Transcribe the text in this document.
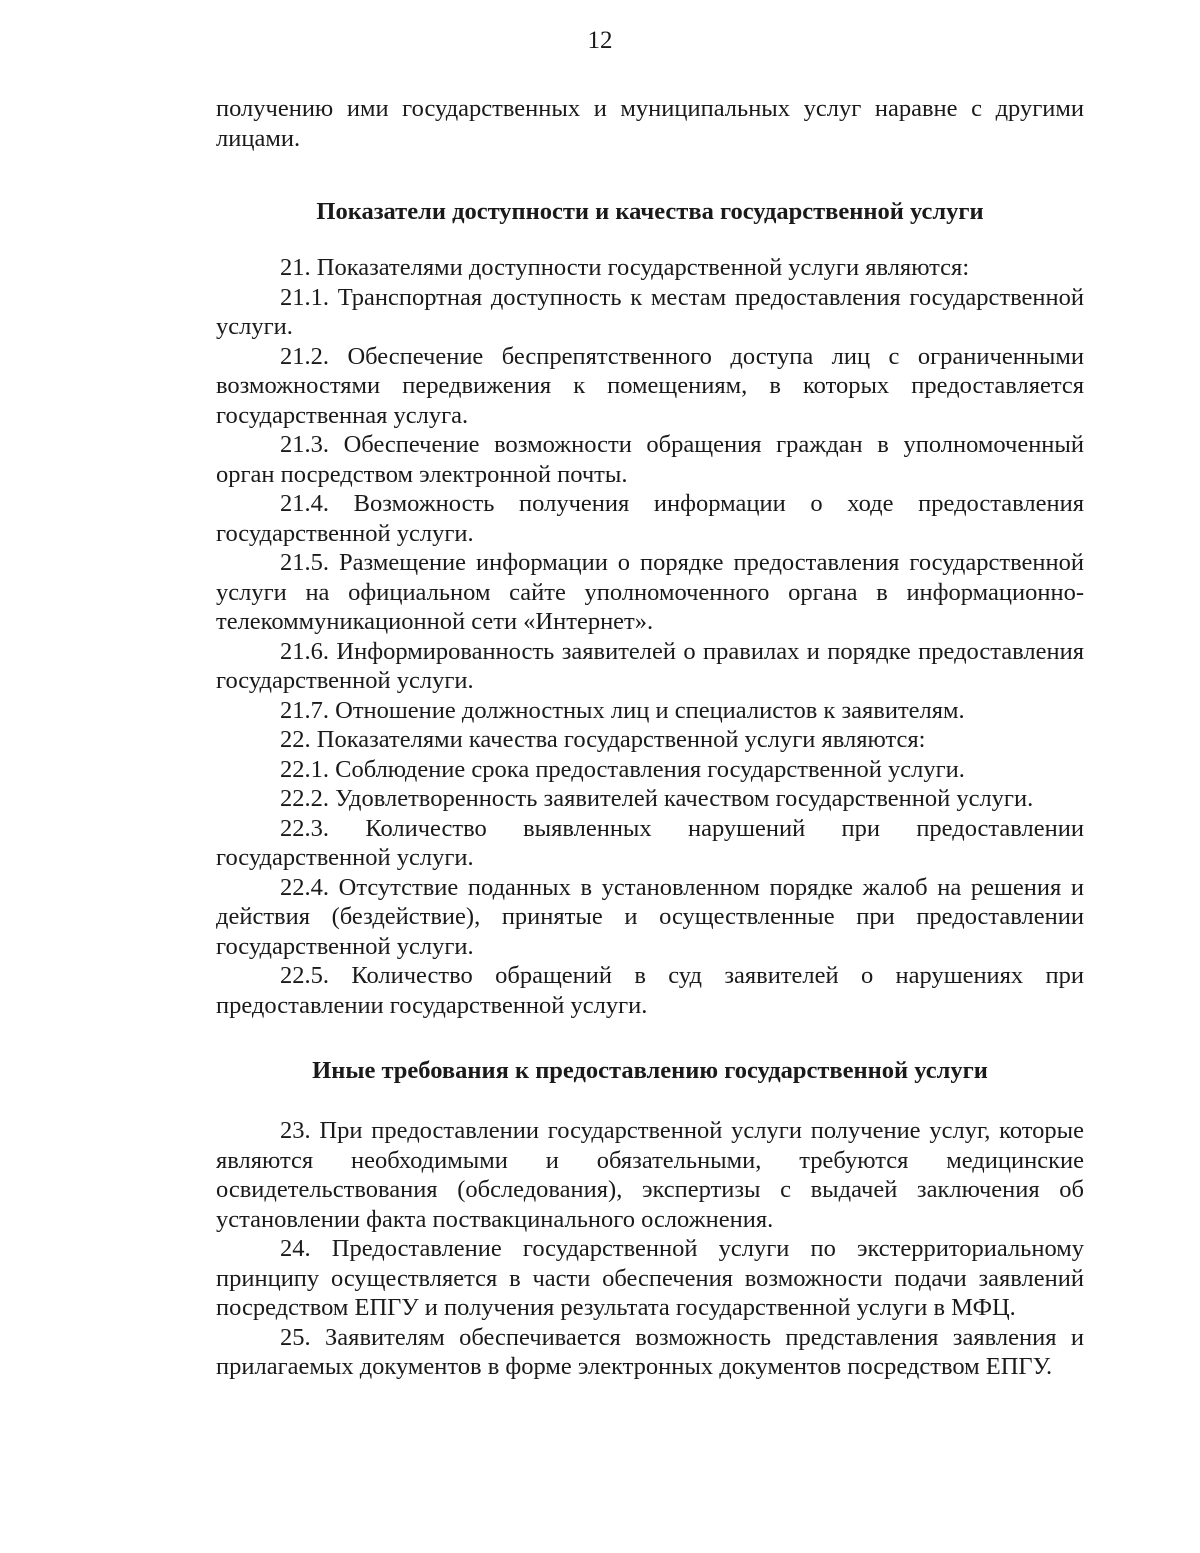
12

получению ими государственных и муниципальных услуг наравне с другими лицами.

Показатели доступности и качества государственной услуги

21. Показателями доступности государственной услуги являются:

21.1. Транспортная доступность к местам предоставления государственной услуги.

21.2. Обеспечение беспрепятственного доступа лиц с ограниченными возможностями передвижения к помещениям, в которых предоставляется государственная услуга.

21.3. Обеспечение возможности обращения граждан в уполномоченный орган посредством электронной почты.

21.4. Возможность получения информации о ходе предоставления государственной услуги.

21.5. Размещение информации о порядке предоставления государственной услуги на официальном сайте уполномоченного органа в информационно-телекоммуникационной сети «Интернет».

21.6. Информированность заявителей о правилах и порядке предоставления государственной услуги.

21.7. Отношение должностных лиц и специалистов к заявителям.

22. Показателями качества государственной услуги являются:

22.1. Соблюдение срока предоставления государственной услуги.

22.2. Удовлетворенность заявителей качеством государственной услуги.

22.3. Количество выявленных нарушений при предоставлении государственной услуги.

22.4. Отсутствие поданных в установленном порядке жалоб на решения и действия (бездействие), принятые и осуществленные при предоставлении государственной услуги.

22.5. Количество обращений в суд заявителей о нарушениях при предоставлении государственной услуги.

Иные требования к предоставлению государственной услуги

23. При предоставлении государственной услуги получение услуг, которые являются необходимыми и обязательными, требуются медицинские освидетельствования (обследования), экспертизы с выдачей заключения об установлении факта поствакцинального осложнения.

24. Предоставление государственной услуги по экстерриториальному принципу осуществляется в части обеспечения возможности подачи заявлений посредством ЕПГУ и получения результата государственной услуги в МФЦ.

25. Заявителям обеспечивается возможность представления заявления и прилагаемых документов в форме электронных документов посредством ЕПГУ.
